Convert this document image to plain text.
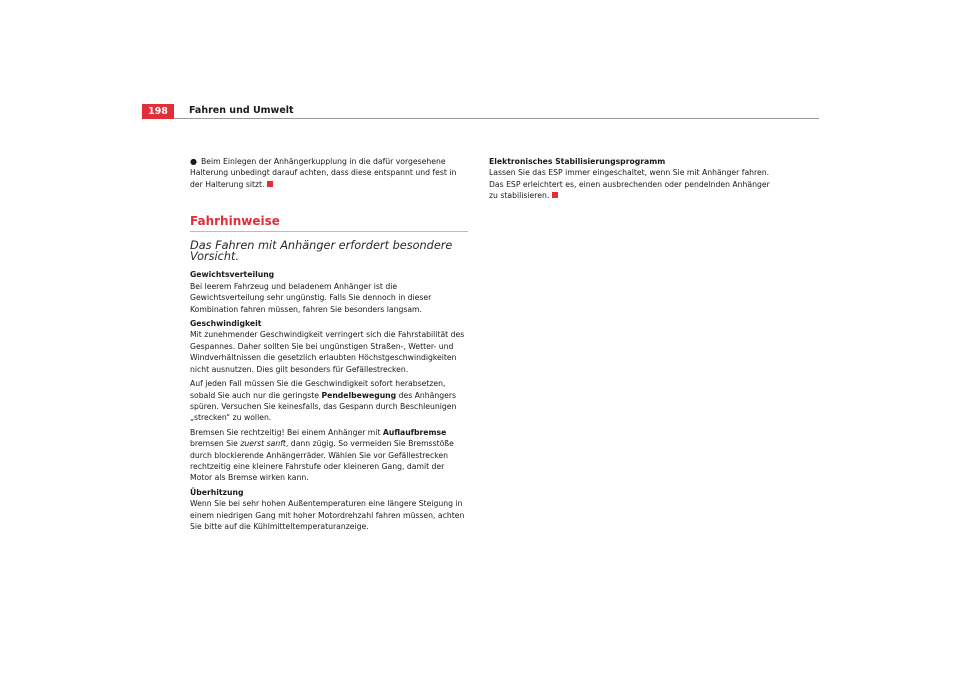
198	Fahren und Umwelt

● Beim Einlegen der Anhängerkupplung in die dafür vorgesehene Halterung unbedingt darauf achten, dass diese entspannt und fest in der Halterung sitzt.

Fahrhinweise
Das Fahren mit Anhänger erfordert besondere Vorsicht.

Gewichtsverteilung

Bei leerem Fahrzeug und beladenem Anhänger ist die Gewichtsverteilung sehr ungünstig. Falls Sie dennoch in dieser Kombination fahren müssen, fahren Sie besonders langsam.

Geschwindigkeit

Mit zunehmender Geschwindigkeit verringert sich die Fahrstabilität des Gespannes. Daher sollten Sie bei ungünstigen Straßen-, Wetter- und Windverhältnissen die gesetzlich erlaubten Höchstgeschwindigkeiten nicht ausnutzen. Dies gilt besonders für Gefällestrecken.

Auf jeden Fall müssen Sie die Geschwindigkeit sofort herabsetzen, sobald Sie auch nur die geringste Pendelbewegung des Anhängers spüren. Versuchen Sie keinesfalls, das Gespann durch Beschleunigen „strecken“ zu wollen.

Bremsen Sie rechtzeitig! Bei einem Anhänger mit Auflaufbremse bremsen Sie zuerst sanft, dann zügig. So vermeiden Sie Bremsstöße durch blockierende Anhängerräder. Wählen Sie vor Gefällestrecken rechtzeitig eine kleinere Fahrstufe oder kleineren Gang, damit der Motor als Bremse wirken kann.

Überhitzung

Wenn Sie bei sehr hohen Außentemperaturen eine längere Steigung in einem niedrigen Gang mit hoher Motordrehzahl fahren müssen, achten Sie bitte auf die Kühlmitteltemperaturanzeige.

Elektronisches Stabilisierungsprogramm

Lassen Sie das ESP immer eingeschaltet, wenn Sie mit Anhänger fahren. Das ESP erleichtert es, einen ausbrechenden oder pendelnden Anhänger zu stabilisieren.
